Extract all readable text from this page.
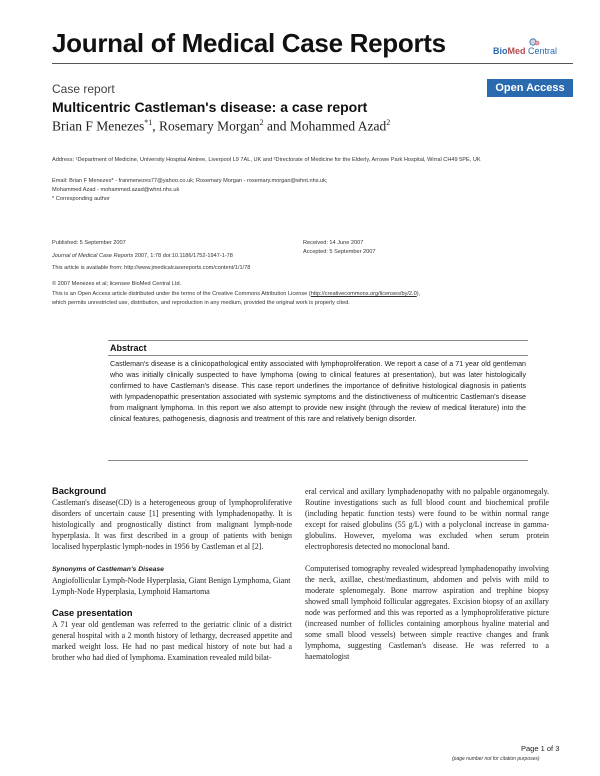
Journal of Medical Case Reports	BioMed Central
Case report	Open Access
Multicentric Castleman's disease: a case report
Brian F Menezes$^{*1}$, Rosemary Morgan$^2$ and Mohammed Azad$^2$
Address: ¹Department of Medicine, University Hospital Aintree, Liverpool L9 7AL, UK and ²Directorate of Medicine for the Elderly, Arrowe Park Hospital, Wirral CH49 5PE, UK
Email: Brian F Menezes* - franmenezes77@yahoo.co.uk; Rosemary Morgan - rosemary.morgan@whnt.nhs.uk;
Mohammed Azad - mohammed.azad@whnt.nhs.uk
* Corresponding author
Published: 5 September 2007	Received: 14 June 2007
Journal of Medical Case Reports 2007, 1:78 doi:10.1186/1752-1947-1-78
Accepted: 5 September 2007
This article is available from: http://www.jmedicalcasereports.com/content/1/1/78
© 2007 Menezes et al; licensee BioMed Central Ltd.
This is an Open Access article distributed under the terms of the Creative Commons Attribution License (http://creativecommons.org/licenses/by/2.0),
which permits unrestricted use, distribution, and reproduction in any medium, provided the original work is properly cited.
Abstract
Castleman's disease is a clinicopathological entity associated with lymphoproliferation. We report a case of a 71 year old gentleman who was initially clinically suspected to have lymphoma (owing to clinical features at presentation), but was later histologically confirmed to have Castleman's disease. This case report underlines the importance of definitive histological diagnosis in patients with lympadenopathic presentation associated with systemic symptoms and the distinctiveness of multicentric Castleman's disease from malignant lymphoma. In this report we also attempt to provide new insight (through the review of medical literature) into the clinical features, pathogenesis, diagnosis and treatment of this rare and relatively benign disorder.
Background
Castleman's disease(CD) is a heterogeneous group of lymphoproliferative disorders of uncertain cause [1] presenting with lymphadenopathy. It is histologically and prognostically distinct from malignant lymph-node hyperplasia. It was first described in a group of patients with benign localised hyperplastic lymph-nodes in 1956 by Castleman et al [2].
Synonyms of Castleman's Disease
Angiofollicular Lymph-Node Hyperplasia, Giant Benign Lymphoma, Giant Lymph-Node Hyperplasia, Lymphoid Hamartoma
Case presentation
A 71 year old gentleman was referred to the geriatric clinic of a district general hospital with a 2 month history of lethargy, decreased appetite and marked weight loss. He had no past medical history of note but had a brother who had died of lymphoma. Examination revealed mild bilat-
eral cervical and axillary lymphadenopathy with no palpable organomegaly. Routine investigations such as full blood count and biochemical profile (including hepatic function tests) were found to be within normal range except for raised globulins (55 g/L) with a polyclonal increase in gamma-globulins. However, myeloma was excluded when serum protein electrophoresis detected no monoclonal band.
Computerised tomography revealed widespread lymphadenopathy involving the neck, axillae, chest/mediastinum, abdomen and pelvis with mild to moderate splenomegaly. Bone marrow aspiration and trephine biopsy showed small lymphoid follicular aggregates. Excision biopsy of an axillary node was performed and this was reported as a lymphoproliferative picture (increased number of follicles containing amorphous hyaline material and some small blood vessels) between simple reactive changes and frank lymphoma, suggesting Castleman's disease. He was referred to a haematologist
Page 1 of 3
(page number not for citation purposes)
